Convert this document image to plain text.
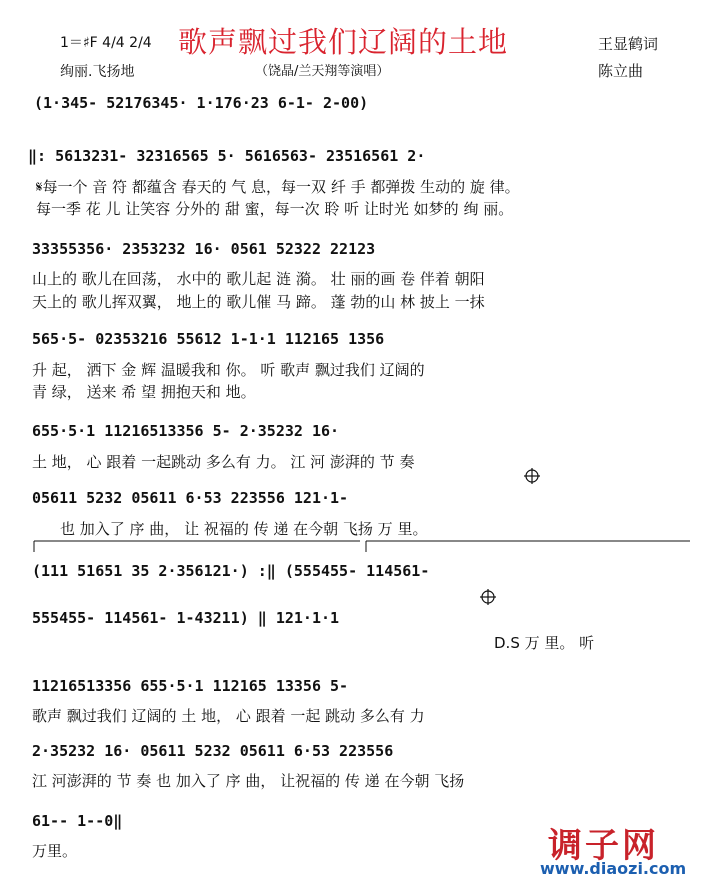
歌声飘过我们辽阔的土地
1＝♯F 4/4 2/4
绚丽.飞扬地	（饶晶/兰天翔等演唱）
王显鹤词
陈立曲
(1·345- 52176345· 1·176·23 6-1- 2-00)
‖: 5613231- 32316565 5· 5616563- 23516561 2·
𝄋每一个 音 符 都蕴含 春天的 气 息，每一双 纤 手 都弹拨 生动的 旋 律。
每一季 花 儿 让笑容 分外的 甜 蜜，每一次 聆 听 让时光 如梦的 绚 丽。
33355356· 2353232 16· 0561 52322 22123
山上的 歌儿在回荡， 水中的 歌儿起 涟 漪。 壮 丽的画 卷 伴着 朝阳
天上的 歌儿挥双翼， 地上的 歌儿催 马 蹄。 蓬 勃的山 林 披上 一抹
565·5- 02353216 55612 1-1·1 112165 1356
升 起， 洒下 金 辉 温暖我和 你。 听 歌声 飘过我们 辽阔的
青 绿， 送来 希 望 拥抱天和 地。
655·5·1 11216513356 5- 2·35232 16·
土 地， 心 跟着 一起跳动 多么有 力。 江 河 澎湃的 节 奏
05611 5232 05611 6·53 223556 121·1-
也 加入了 序 曲， 让 祝福的 传 递 在今朝 飞扬 万 里。
(111 51651 35 2·356121·) :‖ (555455- 114561-
555455- 114561- 1-43211) ‖ 121·1·1
D.S 万 里。 听
11216513356 655·5·1 112165 13356 5-
歌声 飘过我们 辽阔的 土 地， 心 跟着 一起 跳动 多么有 力
2·35232 16· 05611 5232 05611 6·53 223556
江 河澎湃的 节 奏 也 加入了 序 曲， 让祝福的 传 递 在今朝 飞扬
61-- 1--0‖
万里。	调子网
www.diaozi.com
